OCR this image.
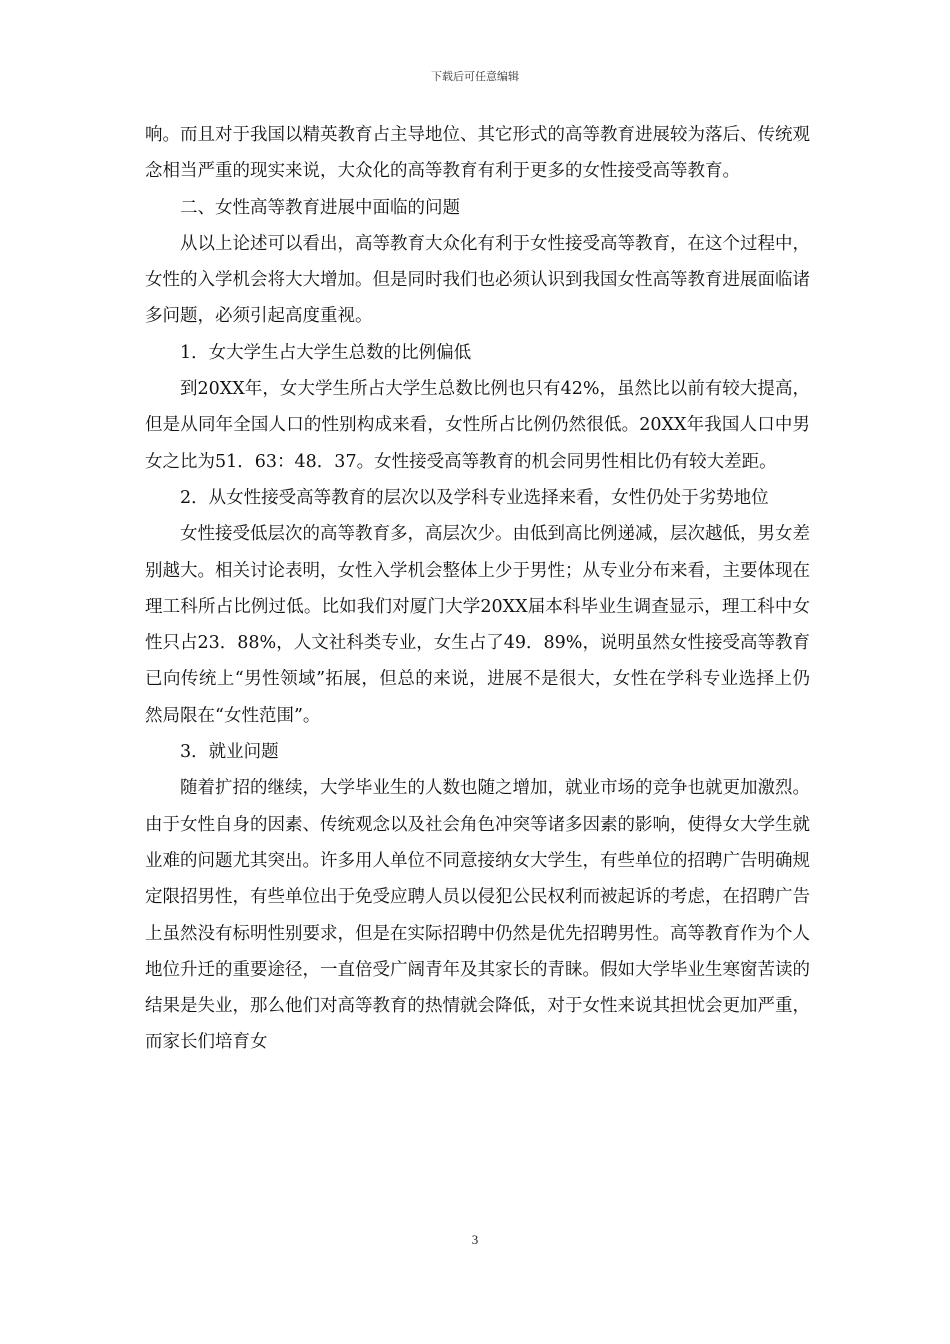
下载后可任意编辑

响。而且对于我国以精英教育占主导地位、其它形式的高等教育进展较为落后、传统观念相当严重的现实来说，大众化的高等教育有利于更多的女性接受高等教育。

二、女性高等教育进展中面临的问题

从以上论述可以看出，高等教育大众化有利于女性接受高等教育，在这个过程中，女性的入学机会将大大增加。但是同时我们也必须认识到我国女性高等教育进展面临诸多问题，必须引起高度重视。

1．女大学生占大学生总数的比例偏低

到20XX年，女大学生所占大学生总数比例也只有42%，虽然比以前有较大提高，但是从同年全国人口的性别构成来看，女性所占比例仍然很低。20XX年我国人口中男女之比为51．63：48．37。女性接受高等教育的机会同男性相比仍有较大差距。

2．从女性接受高等教育的层次以及学科专业选择来看，女性仍处于劣势地位

女性接受低层次的高等教育多，高层次少。由低到高比例递减，层次越低，男女差别越大。相关讨论表明，女性入学机会整体上少于男性；从专业分布来看，主要体现在理工科所占比例过低。比如我们对厦门大学20XX届本科毕业生调查显示，理工科中女性只占23．88%，人文社科类专业，女生占了49．89%，说明虽然女性接受高等教育已向传统上“男性领域”拓展，但总的来说，进展不是很大，女性在学科专业选择上仍然局限在“女性范围”。

3．就业问题

随着扩招的继续，大学毕业生的人数也随之增加，就业市场的竞争也就更加激烈。由于女性自身的因素、传统观念以及社会角色冲突等诸多因素的影响，使得女大学生就业难的问题尤其突出。许多用人单位不同意接纳女大学生，有些单位的招聘广告明确规定限招男性，有些单位出于免受应聘人员以侵犯公民权利而被起诉的考虑，在招聘广告上虽然没有标明性别要求，但是在实际招聘中仍然是优先招聘男性。高等教育作为个人地位升迁的重要途径，一直倍受广阔青年及其家长的青睐。假如大学毕业生寒窗苦读的结果是失业，那么他们对高等教育的热情就会降低，对于女性来说其担忧会更加严重，而家长们培育女

3
